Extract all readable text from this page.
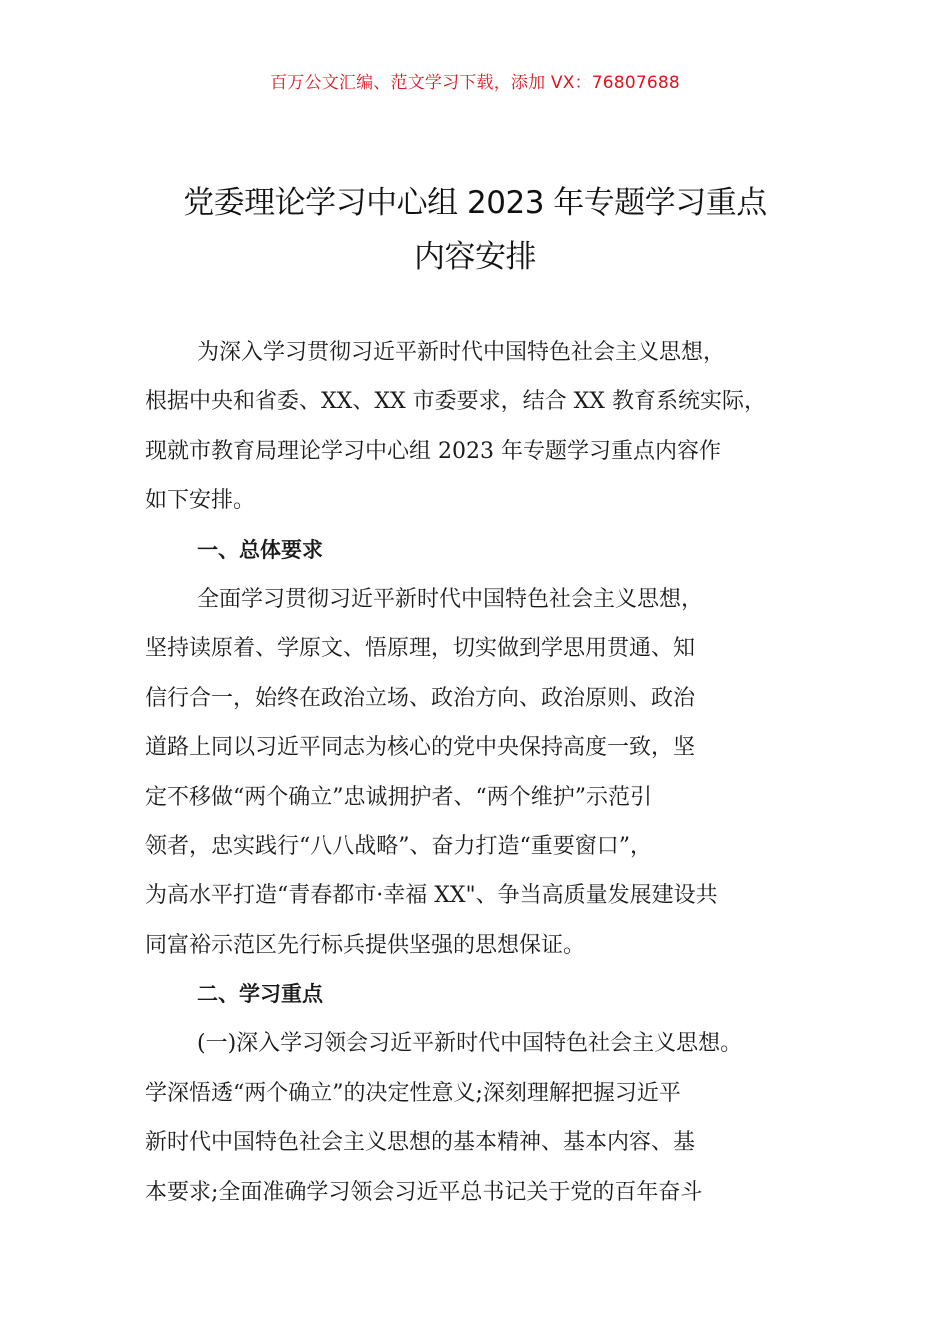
百万公文汇编、范文学习下载，添加 VX：76807688
党委理论学习中心组 2023 年专题学习重点
内容安排
为深入学习贯彻习近平新时代中国特色社会主义思想，
根据中央和省委、XX、XX 市委要求，结合 XX 教育系统实际，
现就市教育局理论学习中心组 2023 年专题学习重点内容作
如下安排。
一、总体要求
全面学习贯彻习近平新时代中国特色社会主义思想，
坚持读原着、学原文、悟原理，切实做到学思用贯通、知
信行合一，始终在政治立场、政治方向、政治原则、政治
道路上同以习近平同志为核心的党中央保持高度一致，坚
定不移做“两个确立”忠诚拥护者、“两个维护”示范引
领者，忠实践行“八八战略”、奋力打造“重要窗口”，
为高水平打造“青春都市·幸福 XX"、争当高质量发展建设共
同富裕示范区先行标兵提供坚强的思想保证。
二、学习重点
(一)深入学习领会习近平新时代中国特色社会主义思想。
学深悟透“两个确立”的决定性意义;深刻理解把握习近平
新时代中国特色社会主义思想的基本精神、基本内容、基
本要求;全面准确学习领会习近平总书记关于党的百年奋斗
